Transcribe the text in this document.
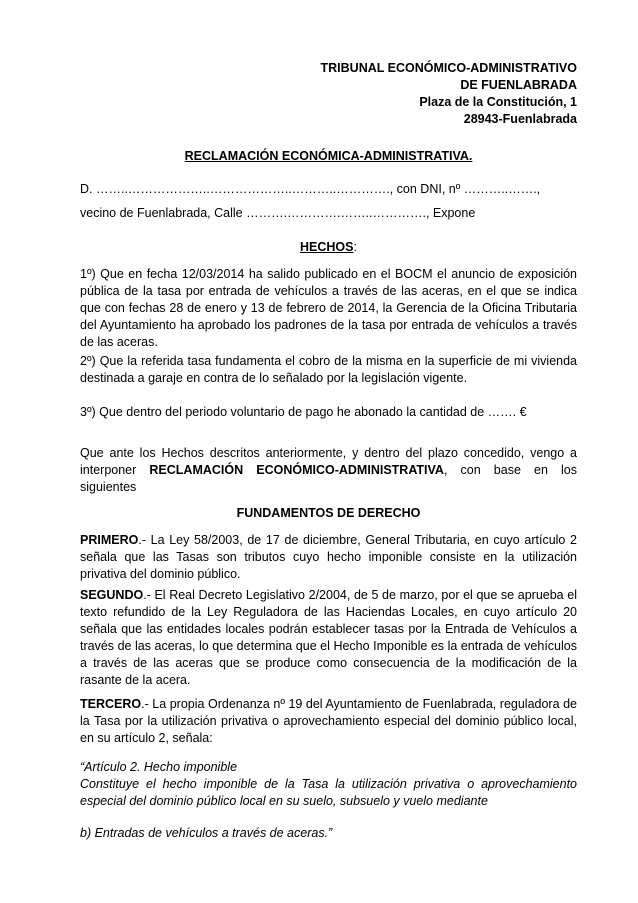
TRIBUNAL ECONÓMICO-ADMINISTRATIVO
DE FUENLABRADA
Plaza de la Constitución, 1
28943-Fuenlabrada
RECLAMACIÓN ECONÓMICA-ADMINISTRATIVA.
D. ……..………………..………………..………..…………., con DNI, nº ………..…….,
vecino de Fuenlabrada, Calle ……….………….……..…………., Expone
HECHOS:
1º) Que en fecha 12/03/2014 ha salido publicado en el BOCM el anuncio de exposición pública de la tasa por entrada de vehículos a través de las aceras, en el que se indica que con fechas 28 de enero y 13 de febrero de 2014, la Gerencia de la Oficina Tributaria del Ayuntamiento ha aprobado los padrones de la tasa por entrada de vehículos a través de las aceras.
2º) Que la referida tasa fundamenta el cobro de la misma en la superficie de mi vivienda destinada a garaje en contra de lo señalado por la legislación vigente.
3º) Que dentro del periodo voluntario de pago he abonado la cantidad de ……. €
Que ante los Hechos descritos anteriormente, y dentro del plazo concedido, vengo a interponer RECLAMACIÓN ECONÓMICO-ADMINISTRATIVA, con base en los siguientes
FUNDAMENTOS DE DERECHO
PRIMERO.- La Ley 58/2003, de 17 de diciembre, General Tributaria, en cuyo artículo 2 señala que las Tasas son tributos cuyo hecho imponible consiste en la utilización privativa del dominio público.
SEGUNDO.- El Real Decreto Legislativo 2/2004, de 5 de marzo, por el que se aprueba el texto refundido de la Ley Reguladora de las Haciendas Locales, en cuyo artículo 20 señala que las entidades locales podrán establecer tasas por la Entrada de Vehículos a través de las aceras, lo que determina que el Hecho Imponible es la entrada de vehículos a través de las aceras que se produce como consecuencia de la modificación de la rasante de la acera.
TERCERO.- La propia Ordenanza nº 19 del Ayuntamiento de Fuenlabrada, reguladora de la Tasa por la utilización privativa o aprovechamiento especial del dominio público local, en su artículo 2, señala:
“Artículo 2. Hecho imponible
Constituye el hecho imponible de la Tasa la utilización privativa o aprovechamiento especial del dominio público local en su suelo, subsuelo y vuelo mediante
b) Entradas de vehículos a través de aceras.”
